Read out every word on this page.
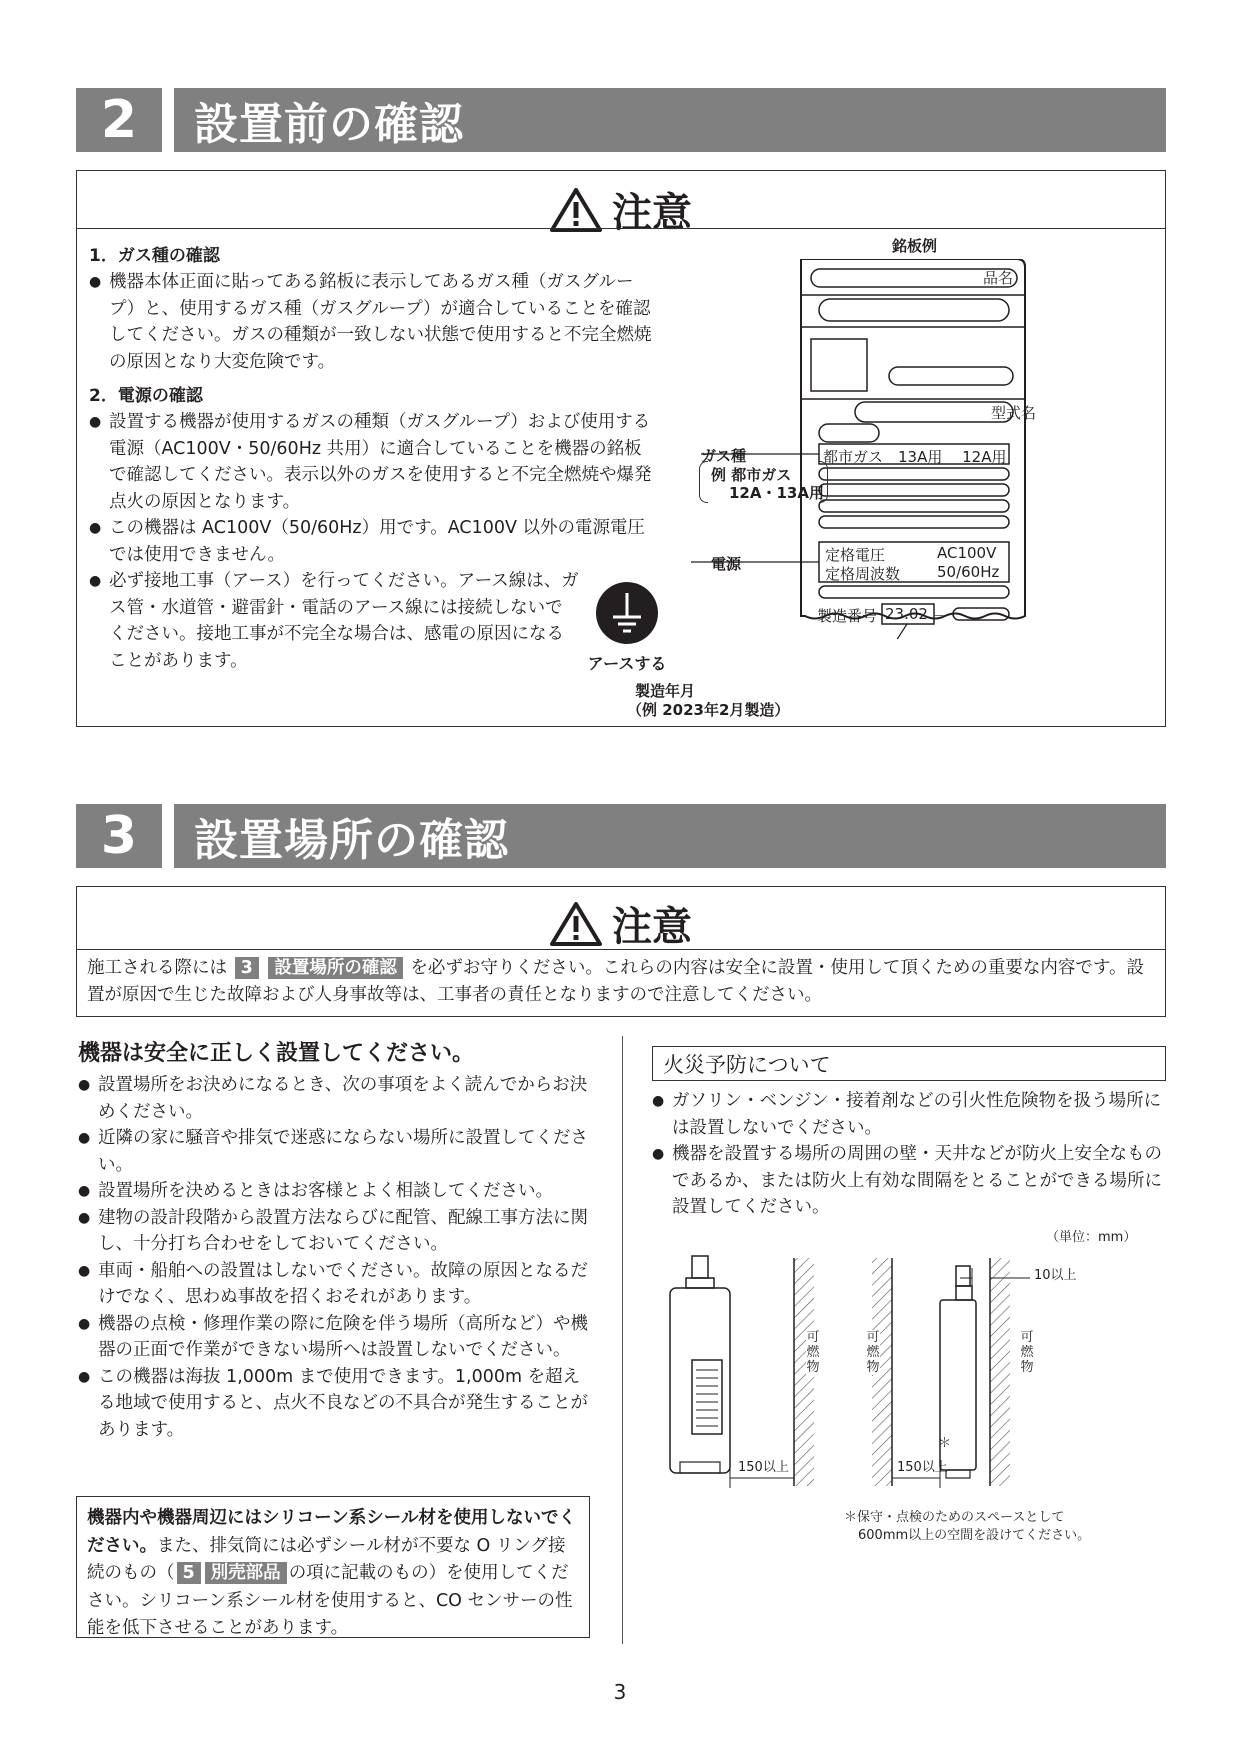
2	設置前の確認
注意
1．ガス種の確認
● 機器本体正面に貼ってある銘板に表示してあるガス種（ガスグループ）と、使用するガス種（ガスグループ）が適合していることを確認してください。ガスの種類が一致しない状態で使用すると不完全燃焼の原因となり大変危険です。
2．電源の確認
● 設置する機器が使用するガスの種類（ガスグループ）および使用する電源（AC100V・50/60Hz 共用）に適合していることを機器の銘板で確認してください。表示以外のガスを使用すると不完全燃焼や爆発点火の原因となります。
● この機器は AC100V（50/60Hz）用です。AC100V 以外の電源電圧では使用できません。
● 必ず接地工事（アース）を行ってください。アース線は、ガス管・水道管・避雷針・電話のアース線には接続しないでください。接地工事が不完全な場合は、感電の原因になることがあります。	アースする
銘板例
品名
型式名
都市ガス　13A用　 12A用
ガス種
例 都市ガス
12A・13A用
電源	定格電圧	AC100V
定格周波数 50/60Hz
製造番号 23.02 －
製造年月
（例 2023年2月製造）
3	設置場所の確認
注意
施工される際には 3 設置場所の確認 を必ずお守りください。これらの内容は安全に設置・使用して頂くための重要な内容です。設置が原因で生じた故障および人身事故等は、工事者の責任となりますので注意してください。
機器は安全に正しく設置してください。
● 設置場所をお決めになるとき、次の事項をよく読んでからお決めください。
● 近隣の家に騒音や排気で迷惑にならない場所に設置してください。
● 設置場所を決めるときはお客様とよく相談してください。
● 建物の設計段階から設置方法ならびに配管、配線工事方法に関し、十分打ち合わせをしておいてください。
● 車両・船舶への設置はしないでください。故障の原因となるだけでなく、思わぬ事故を招くおそれがあります。
● 機器の点検・修理作業の際に危険を伴う場所（高所など）や機器の正面で作業ができない場所へは設置しないでください。
● この機器は海抜 1,000m まで使用できます。1,000m を超える地域で使用すると、点火不良などの不具合が発生することがあります。
機器内や機器周辺にはシリコーン系シール材を使用しないでください。また、排気筒には必ずシール材が不要な O リング接続のもの（ 5 別売部品 の項に記載のもの）を使用してください。シリコーン系シール材を使用すると、CO センサーの性能を低下させることがあります。
火災予防について
● ガソリン・ベンジン・接着剤などの引火性危険物を扱う場所には設置しないでください。
● 機器を設置する場所の周囲の壁・天井などが防火上安全なものであるか、または防火上有効な間隔をとることができる場所に設置してください。
（単位：mm）
10以上
可燃物
可燃物
可燃物
150以上	150以上
＊
＊保守・点検のためのスペースとして
600mm以上の空間を設けてください。
3
